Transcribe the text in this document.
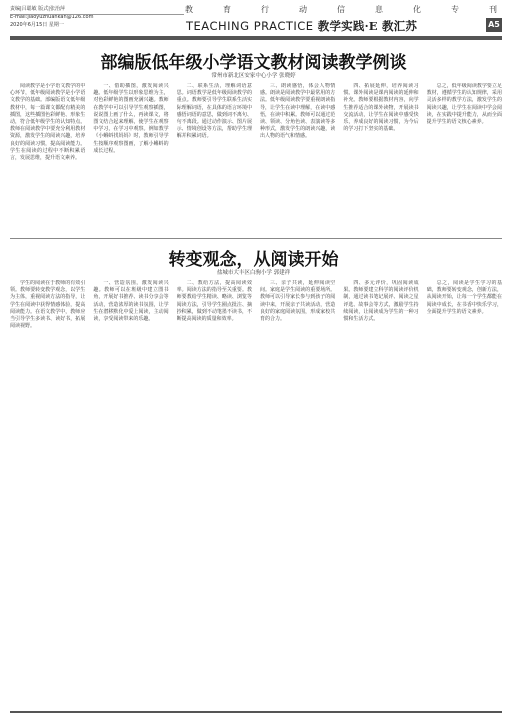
责编|吕聪敏 版式|张治萍
E-mail:jiaoyuzhuankan@126.com
2020年6月15日 星期一
教	育	行	动	信	息	化	专	刊
TEACHING PRACTICE 教学实践·E 教汇苏	A5
部编版低年级小学语文教材阅读教学例谈
常州市新北区安家中心小学 张晓婷

阅读教学是小学语文教学的中心环节，低年级阅读教学是小学语文教学的基础。部编版语文低年级教材中，每一篇课文都配有精美的插图，这些插图色彩鲜艳、形象生动，符合低年级学生的认知特点。教师在阅读教学中要充分利用教材资源，激发学生的阅读兴趣，培养良好的阅读习惯，提高阅读能力。学生在阅读的过程中不断积累语言，发展思维，提升语文素养。

一、借助插图，激发阅读兴趣。低年级学生以形象思维为主，对色彩鲜艳的图画充满兴趣。教师在教学中可以引导学生观察插图，说说图上画了什么，再读课文，将图文结合起来理解，使学生在观察中学习，在学习中观察。例如教学《小蝌蚪找妈妈》时，教师引导学生按顺序观察图画，了解小蝌蚪的成长过程。

二、联系生活，理解词语意思。词语教学是低年级阅读教学的重点。教师要引导学生联系生活实际理解词语，在具体的语言环境中感悟词语的意思，做到词不离句、句不离段。通过动作演示、图片展示、情境创设等方法，帮助学生理解并积累词语。

三、朗读感悟，体会人物情感。朗读是阅读教学中最常用的方法。低年级阅读教学要重视朗读指导，让学生在读中理解，在读中感悟，在读中积累。教师可以通过范读、领读、分角色读、表演读等多种形式，激发学生的朗读兴趣，读出人物的语气和情感。

四、拓展延伸，培养阅读习惯。课外阅读是课内阅读的延伸和补充。教师要根据教材内容，向学生推荐适合的课外读物，开展读书交流活动，让学生在阅读中感受快乐，养成良好的阅读习惯，为今后的学习打下坚实的基础。

总之，低年级阅读教学要立足教材，遵循学生的认知规律，采用灵活多样的教学方法，激发学生的阅读兴趣，让学生在阅读中学会阅读，在实践中提升能力，从而全面提升学生的语文核心素养。

转变观念，从阅读开始
盐城市大丰区白驹小学 郭建祥

学生的阅读在于教师的有效引领。教师要转变教学观念，以学生为主体，重视阅读方法的指导，让学生在阅读中获得情感体验，提高阅读能力。在语文教学中，教师应当引导学生多读书、读好书，拓展阅读视野。

一、营造氛围，激发阅读兴趣。教师可以在班级中建立图书角，开展好书推荐、读书分享会等活动，营造浓厚的读书氛围，让学生在潜移默化中爱上阅读，主动阅读，享受阅读带来的乐趣。

二、教给方法，提高阅读效率。阅读方法的指导至关重要。教师要教给学生精读、略读、浏览等阅读方法，引导学生圈点批注、摘抄积累，做到不动笔墨不读书，不断提高阅读的质量和效率。

三、亲子共读，延伸阅读空间。家庭是学生阅读的重要场所。教师可以引导家长参与到孩子的阅读中来，开展亲子共读活动，营造良好的家庭阅读氛围，形成家校共育的合力。

四、多元评价，巩固阅读成果。教师要建立科学的阅读评价机制，通过读书笔记展评、阅读之星评选、故事会等方式，激励学生持续阅读，让阅读成为学生的一种习惯和生活方式。

总之，阅读是学生学习的基础，教师要转变观念，创新方法，从阅读开始，让每一个学生都能在阅读中成长，在书香中快乐学习，全面提升学生的语文素养。
